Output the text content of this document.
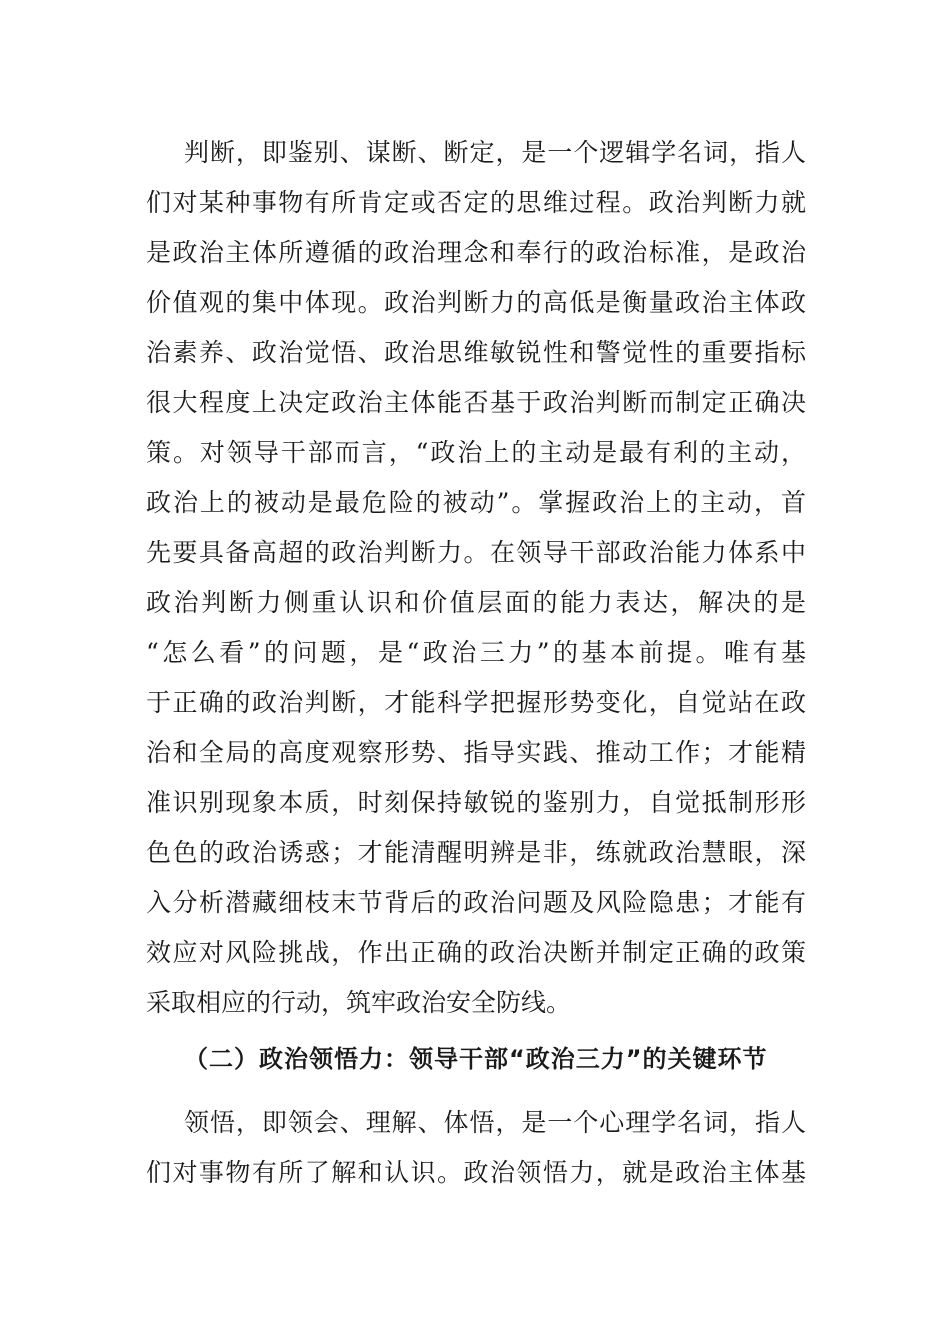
判断，即鉴别、谋断、断定，是一个逻辑学名词，指人
们对某种事物有所肯定或否定的思维过程。政治判断力就
是政治主体所遵循的政治理念和奉行的政治标准，是政治
价值观的集中体现。政治判断力的高低是衡量政治主体政
治素养、政治觉悟、政治思维敏锐性和警觉性的重要指标
很大程度上决定政治主体能否基于政治判断而制定正确决
策。对领导干部而言，“政治上的主动是最有利的主动，
政治上的被动是最危险的被动”。掌握政治上的主动，首
先要具备高超的政治判断力。在领导干部政治能力体系中
政治判断力侧重认识和价值层面的能力表达，解决的是
“怎么看”的问题，是“政治三力”的基本前提。唯有基
于正确的政治判断，才能科学把握形势变化，自觉站在政
治和全局的高度观察形势、指导实践、推动工作；才能精
准识别现象本质，时刻保持敏锐的鉴别力，自觉抵制形形
色色的政治诱惑；才能清醒明辨是非，练就政治慧眼，深
入分析潜藏细枝末节背后的政治问题及风险隐患；才能有
效应对风险挑战，作出正确的政治决断并制定正确的政策
采取相应的行动，筑牢政治安全防线。
（二）政治领悟力：领导干部“政治三力”的关键环节
领悟，即领会、理解、体悟，是一个心理学名词，指人
们对事物有所了解和认识。政治领悟力，就是政治主体基
